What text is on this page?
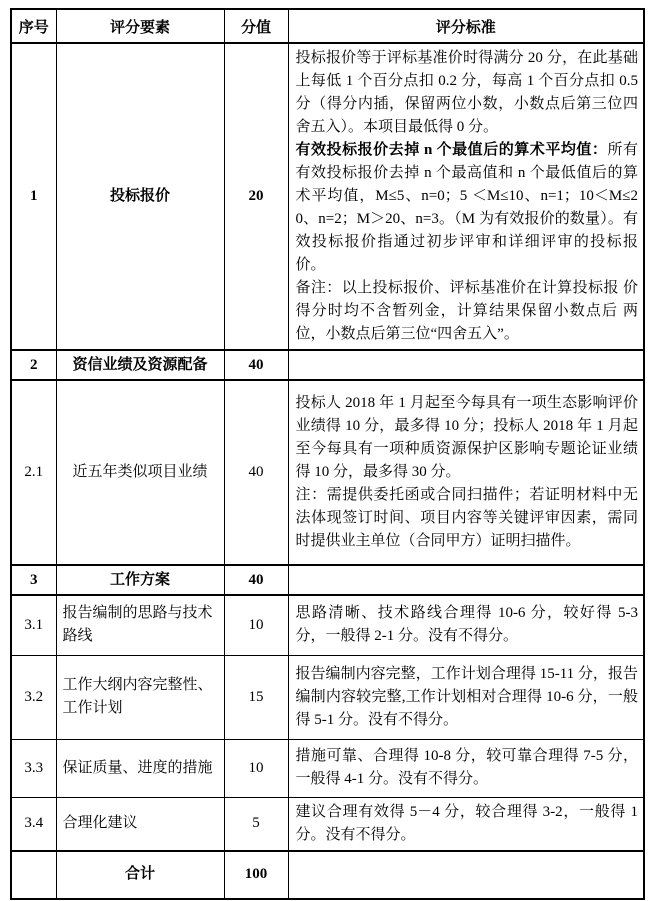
序号	评分要素	分值	评分标准
1	投标报价	20	投标报价等于评标基准价时得满分 20 分，在此基础上每低 1 个百分点扣 0.2 分，每高 1 个百分点扣 0.5 分（得分内插，保留两位小数，小数点后第三位四舍五入）。本项目最低得 0 分。

有效投标报价去掉 n 个最值后的算术平均值：所有有效投标报价去掉 n 个最高值和 n 个最低值后的算术平均值，M≤5、n=0；5 ＜M≤10、n=1；10＜M≤20、n=2；M＞20、n=3。（M 为有效报价的数量）。有效投标报价指通过初步评审和详细评审的投标报价。

备注：以上投标报价、评标基准价在计算投标报 价得分时均不含暂列金，计算结果保留小数点后 两位，小数点后第三位“四舍五入”。

2	资信业绩及资源配备	40	
2.1	近五年类似项目业绩	40	投标人 2018 年 1 月起至今每具有一项生态影响评价业绩得 10 分，最多得 10 分；投标人 2018 年 1 月起至今每具有一项种质资源保护区影响专题论证业绩得 10 分，最多得 30 分。

注：需提供委托函或合同扫描件；若证明材料中无法体现签订时间、项目内容等关键评审因素，需同时提供业主单位（合同甲方）证明扫描件。

3	工作方案	40	
3.1	报告编制的思路与技术路线	10	思路清晰、技术路线合理得 10-6 分，较好得 5-3 分，一般得 2-1 分。没有不得分。

3.2	工作大纲内容完整性、工作计划	15	报告编制内容完整，工作计划合理得 15-11 分，报告编制内容较完整,工作计划相对合理得 10-6 分，一般得 5-1 分。没有不得分。

3.3	保证质量、进度的措施	10	措施可靠、合理得 10-8 分，较可靠合理得 7-5 分，一般得 4-1 分。没有不得分。

3.4	合理化建议	5	建议合理有效得 5－4 分，较合理得 3-2，一般得 1 分。没有不得分。

	合计	100	
